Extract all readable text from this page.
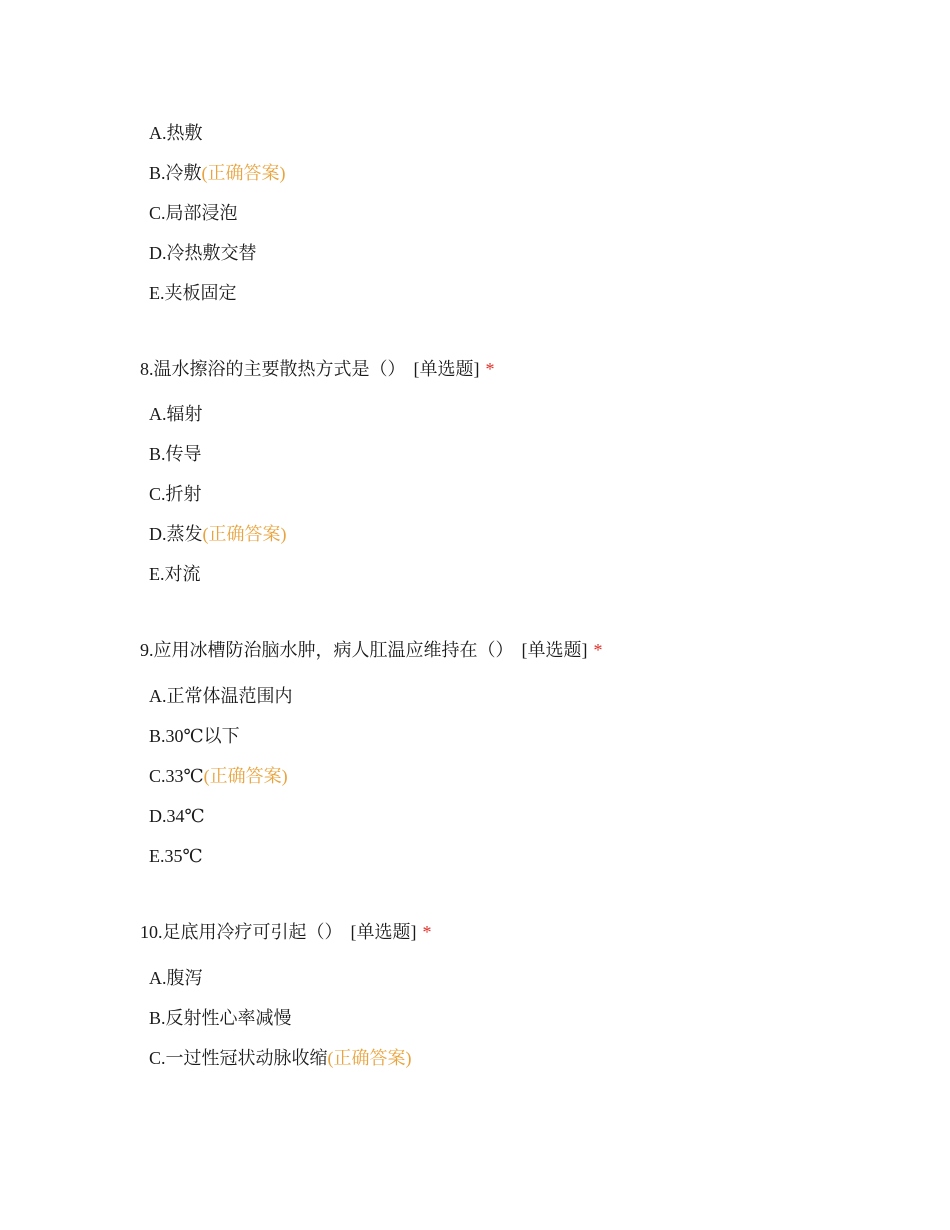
A.热敷
B.冷敷(正确答案)
C.局部浸泡
D.冷热敷交替
E.夹板固定
8.温水擦浴的主要散热方式是（） [单选题] *
A.辐射
B.传导
C.折射
D.蒸发(正确答案)
E.对流
9.应用冰槽防治脑水肿，病人肛温应维持在（） [单选题] *
A.正常体温范围内
B.30℃以下
C.33℃(正确答案)
D.34℃
E.35℃
10.足底用冷疗可引起（） [单选题] *
A.腹泻
B.反射性心率减慢
C.一过性冠状动脉收缩(正确答案)
